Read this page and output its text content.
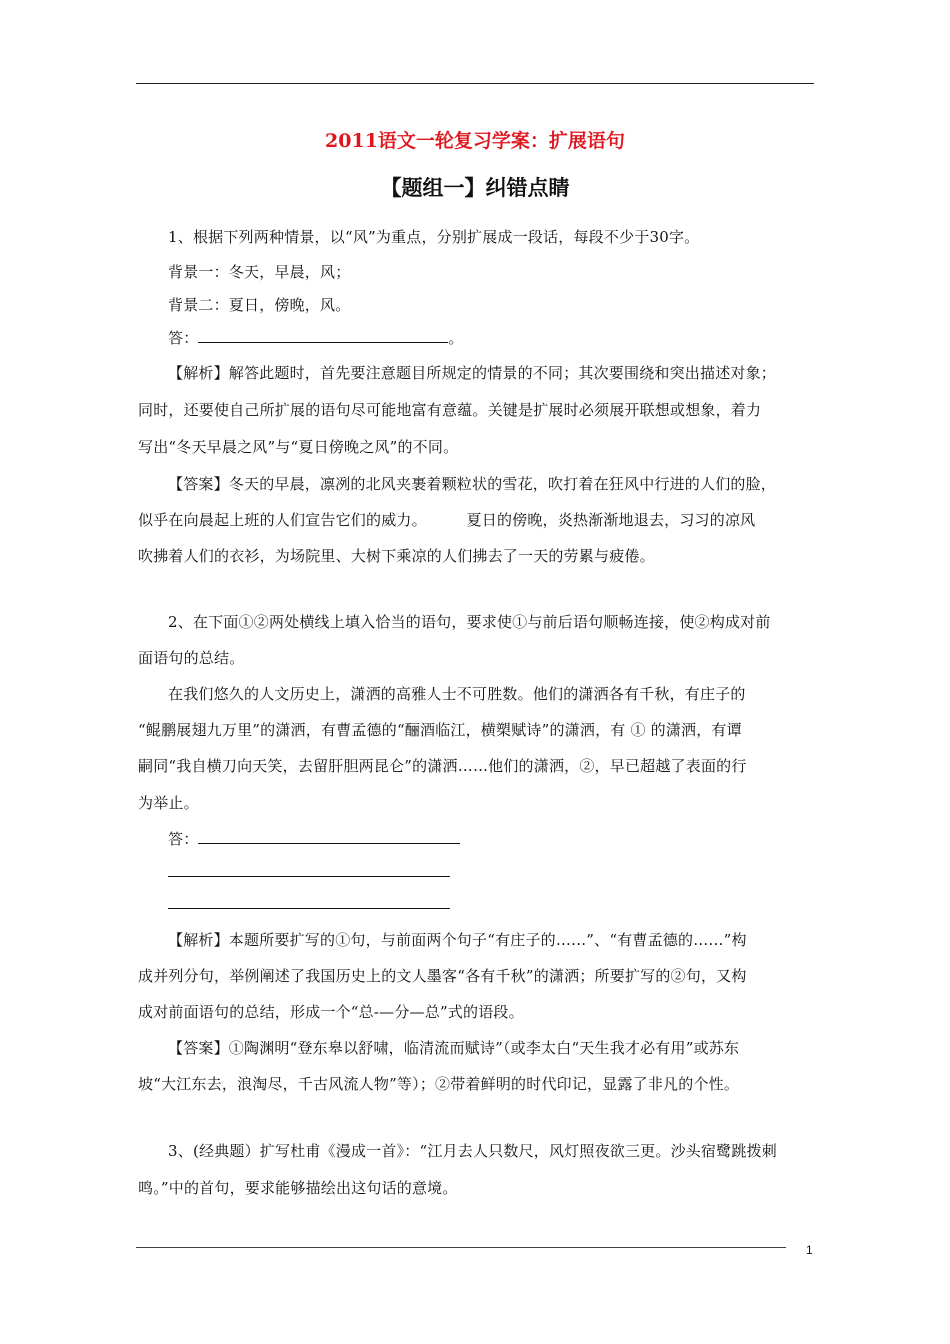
2011语文一轮复习学案：扩展语句
【题组一】纠错点睛
1、根据下列两种情景，以“风”为重点，分别扩展成一段话，每段不少于30字。
背景一：冬天，早晨，风；
背景二：夏日，傍晚，风。
答：	。
【解析】解答此题时，首先要注意题目所规定的情景的不同；其次要围绕和突出描述对象；
同时，还要使自己所扩展的语句尽可能地富有意蕴。关键是扩展时必须展开联想或想象，着力
写出“冬天早晨之风”与“夏日傍晚之风”的不同。
【答案】冬天的早晨，凛冽的北风夹裹着颗粒状的雪花，吹打着在狂风中行进的人们的脸，
似乎在向晨起上班的人们宣告它们的威力。        夏日的傍晚，炎热渐渐地退去，习习的凉风
吹拂着人们的衣衫，为场院里、大树下乘凉的人们拂去了一天的劳累与疲倦。
2、在下面①②两处横线上填入恰当的语句，要求使①与前后语句顺畅连接，使②构成对前
面语句的总结。
在我们悠久的人文历史上，潇洒的高雅人士不可胜数。他们的潇洒各有千秋，有庄子的
“鲲鹏展翅九万里”的潇洒，有曹孟德的“酾酒临江，横槊赋诗”的潇洒，有 ① 的潇洒，有谭
嗣同“我自横刀向天笑，去留肝胆两昆仑”的潇洒……他们的潇洒，②，早已超越了表面的行
为举止。
答：
【解析】本题所要扩写的①句，与前面两个句子“有庄子的……”、“有曹孟德的……”构
成并列分句，举例阐述了我国历史上的文人墨客“各有千秋”的潇洒；所要扩写的②句，又构
成对前面语句的总结，形成一个“总-—分—总”式的语段。
【答案】①陶渊明“登东皋以舒啸，临清流而赋诗”（或李太白“天生我才必有用”或苏东
坡“大江东去，浪淘尽，千古风流人物”等）；②带着鲜明的时代印记，显露了非凡的个性。
3、(经典题）扩写杜甫《漫成一首》：“江月去人只数尺，风灯照夜欲三更。沙头宿鹭跳拨刺
鸣。”中的首句，要求能够描绘出这句话的意境。
1
